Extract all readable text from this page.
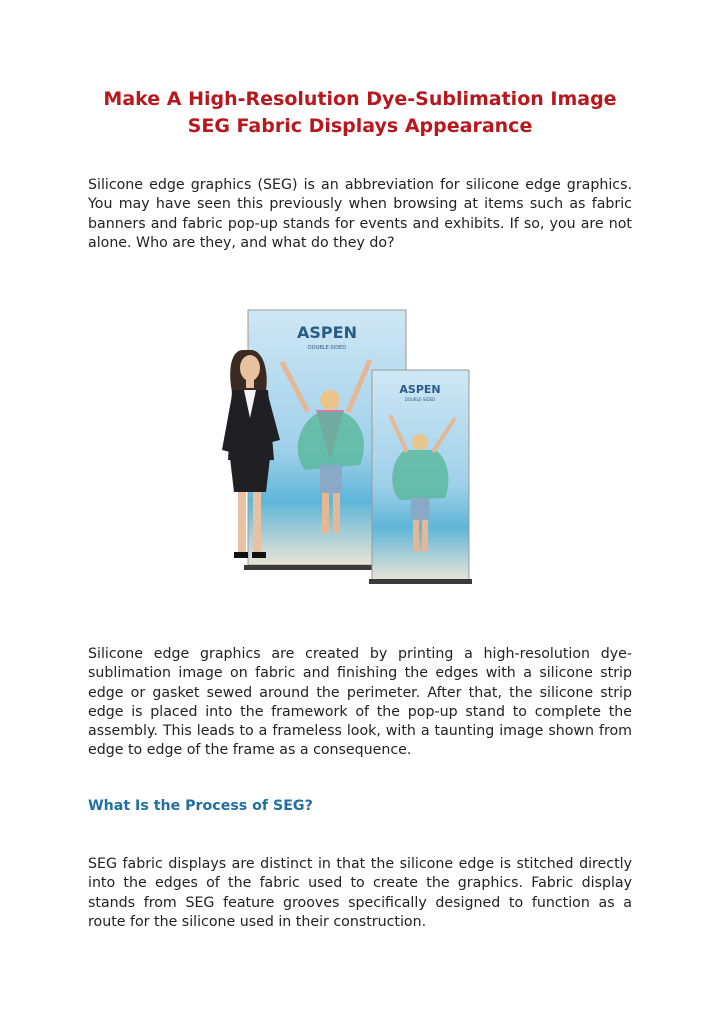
Make A High-Resolution Dye-Sublimation Image
SEG Fabric Displays Appearance

Silicone edge graphics (SEG) is an abbreviation for silicone edge graphics. You may have seen this previously when browsing at items such as fabric banners and fabric pop-up stands for events and exhibits. If so, you are not alone. Who are they, and what do they do?

ASPEN
DOUBLE-SIDED
ASPEN
DOUBLE-SIDED

Silicone edge graphics are created by printing a high-resolution dye-sublimation image on fabric and finishing the edges with a silicone strip edge or gasket sewed around the perimeter. After that, the silicone strip edge is placed into the framework of the pop-up stand to complete the assembly. This leads to a frameless look, with a taunting image shown from edge to edge of the frame as a consequence.

What Is the Process of SEG?

SEG fabric displays are distinct in that the silicone edge is stitched directly into the edges of the fabric used to create the graphics. Fabric display stands from SEG feature grooves specifically designed to function as a route for the silicone used in their construction.
